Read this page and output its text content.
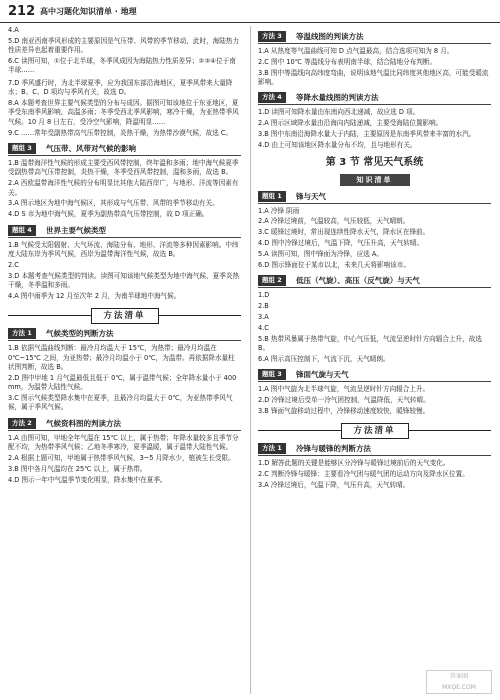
212 高中习题化知识清单 · 地理

4.A

5.D 南亚西南季风形成的主要原因是气压带、风带的季节移动，此时，海陆热力性质差异也起着重要作用。

6.C 读图可知，①位于北半球，冬季风成因为海陆热力性质差异；②③④位于南半球……

7.D 季风盛行时，为北半球夏季，应为我国东部沿海地区，夏季风带来大量降水；B、C、D 项均与季风有关，故选 D。

8.A 本题考查世界主要气候类型的分布与成因。据图可知该地位于东亚地区，夏季受东南季风影响，高温多雨；冬季受西北季风影响，寒冷干燥，为亚热带季风气候。10 月 8 日左右，受冷空气影响，降温明显……

9.C ……常年受副热带高气压带控制，炎热干燥，为热带沙漠气候，故选 C。

题组 3	气压带、风带对气候的影响

1.B 温带海洋性气候的形成主要受西风带控制，终年温和多雨；地中海气候夏季受副热带高气压带控制，炎热干燥，冬季受西风带控制，温和多雨，故选 B。

2.A 西欧温带海洋性气候的分布明显比其他大陆西岸广，与地形、洋流等因素有关。

3.A 图示地区为地中海气候区，其形成与气压带、风带的季节移动有关。

4.D S 市为地中海气候，夏季为副热带高气压带控制，故 D 项正确。

题组 4	世界主要气候类型

1.B 气候受太阳辐射、大气环流、海陆分布、地形、洋流等多种因素影响。中纬度大陆东岸为季风气候，西岸为温带海洋性气候，故选 B。

2.C

3.D 本题考查气候类型的判读。读图可知该地气候类型为地中海气候，夏季炎热干燥，冬季温和多雨。

4.A 图中雨季为 12 月至次年 2 月，为南半球地中海气候。

方法清单
方法 1	气候类型的判断方法

1.B 依据气温曲线判断：最冷月均温大于 15℃，为热带；最冷月均温在 0℃~15℃ 之间，为亚热带；最冷月均温小于 0℃，为温带。再依据降水量柱状图判断，故选 B。

2.D 图中甲地 1 月气温最低且低于 0℃，属于温带气候；全年降水量小于 400 mm，为温带大陆性气候。

3.C 图示气候类型降水集中在夏季，且最冷月均温大于 0℃，为亚热带季风气候，属于季风气候。

方法 2	气候资料图的判读方法

1.A 由图可知，甲地全年气温在 15℃ 以上，属于热带；年降水量较多且季节分配不均，为热带季风气候；乙地冬季寒冷，夏季温暖，属于温带大陆性气候。

2.A 根据上题可知，甲地属于热带季风气候，3~5 月降水少，植被生长受限。

3.B 图中各月气温均在 25℃ 以上，属于热带。

4.D 图示一年中气温季节变化明显，降水集中在夏季。

方法 3	等温线图的判读方法

1.A 从热度等气温曲线可知 D 点气温最高，结合选项可知为 8 月。

2.C 图中 10℃ 等温线分布表明南半球，结合陆地分布判断。

3.B 图中等温线向高纬度弯曲，说明该地气温比同纬度其他地区高，可能受暖流影响。

方法 4	等降水量线图的判读方法

1.D 读图可知降水量由东南向西北递减，故应选 D 项。

2.A 图示区域降水量由沿海向内陆递减，主要受海陆位置影响。

3.B 图中东南沿海降水量大于内陆，主要原因是东南季风带来丰富的水汽。

4.D 由上可知该地区降水量分布不均，且与地形有关。

第 3 节 常见天气系统
知识清单
题组 1	锋与天气

1.A 冷锋 阴雨

2.A 冷锋过境前，气温较高，气压较低，天气晴朗。

3.C 暖锋过境时，常出现连续性降水天气，降水区在锋前。

4.D 图中冷锋过境后，气温下降，气压升高，天气转晴。

5.A 读图可知，图中锋面为冷锋，应选 A。

6.D 图示锋面位于某市以北，未来几天将影响该市。

题组 2	低压（气旋）、高压（反气旋）与天气

1.D

2.B

3.A

4.C

5.B 热带风暴属于热带气旋，中心气压低，气流呈逆时针方向辐合上升，故选 B。

6.A 图示高压控制下，气流下沉，天气晴朗。

题组 3	锋面气旋与天气

1.A 图中气旋为北半球气旋，气流呈逆时针方向辐合上升。

2.D 冷锋过境后受单一冷气团控制，气温降低，天气转晴。

3.B 锋面气旋移动过程中，冷锋移动速度较快，暖锋较慢。

方法清单
方法 1	冷锋与暖锋的判断方法

1.D 解答此题的关键是能够区分冷锋与暖锋过境前后的天气变化。

2.C 判断冷锋与暖锋：主要看冷气团与暖气团的运动方向及降水区位置。

3.A 冷锋过境后，气温下降，气压升高，天气转晴。

答案圈
MXQE.COM
